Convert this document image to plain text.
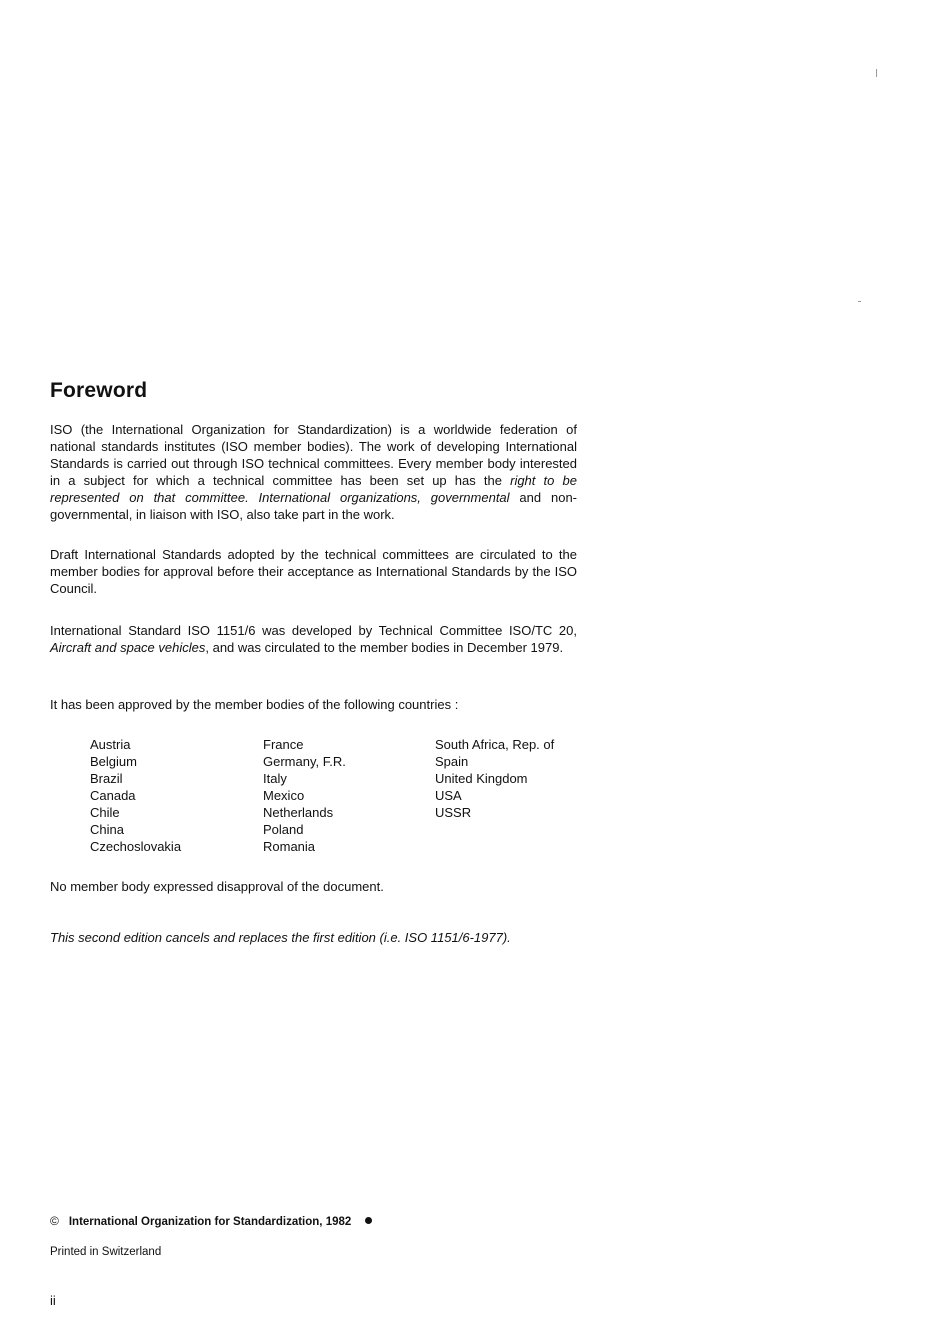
Foreword

ISO (the International Organization for Standardization) is a worldwide federation of national standards institutes (ISO member bodies). The work of developing International Standards is carried out through ISO technical committees. Every member body interested in a subject for which a technical committee has been set up has the right to be represented on that committee. International organizations, governmental and non-governmental, in liaison with ISO, also take part in the work.

Draft International Standards adopted by the technical committees are circulated to the member bodies for approval before their acceptance as International Standards by the ISO Council.

International Standard ISO 1151/6 was developed by Technical Committee ISO/TC 20, Aircraft and space vehicles, and was circulated to the member bodies in December 1979.

It has been approved by the member bodies of the following countries :

Austria
Belgium
Brazil
Canada
Chile
China
Czechoslovakia
France
Germany, F.R.
Italy
Mexico
Netherlands
Poland
Romania
South Africa, Rep. of
Spain
United Kingdom
USA
USSR

No member body expressed disapproval of the document.

This second edition cancels and replaces the first edition (i.e. ISO 1151/6-1977).

© International Organization for Standardization, 1982
Printed in Switzerland
ii
